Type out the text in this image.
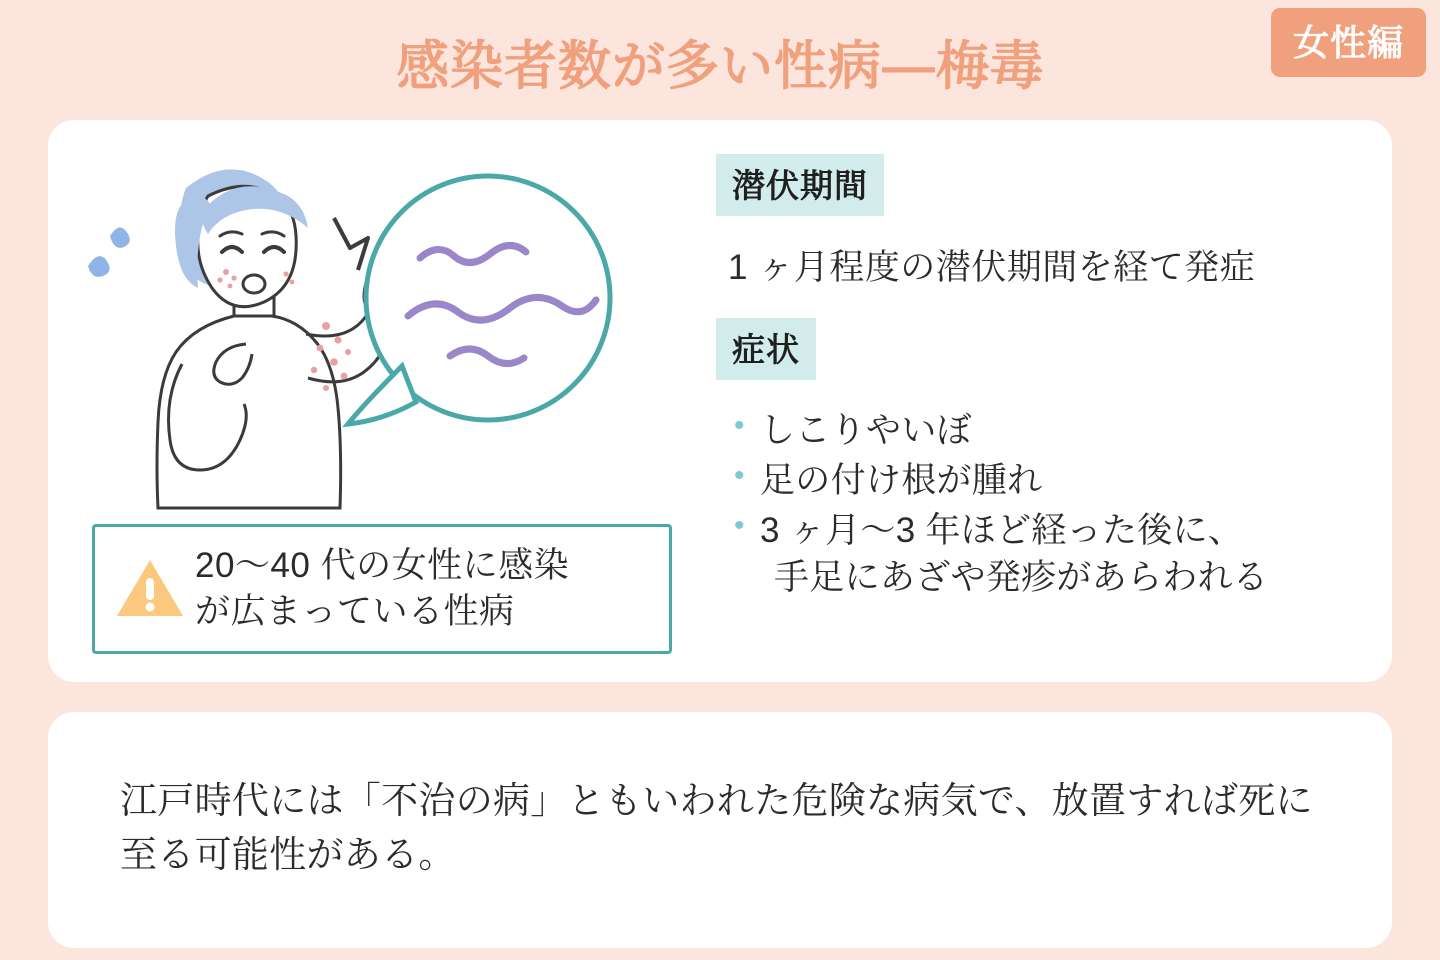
感染者数が多い性病―梅毒	女性編
20〜40 代の女性に感染
が広まっている性病
潜伏期間
1 ヶ月程度の潜伏期間を経て発症
症状
• しこりやいぼ
• 足の付け根が腫れ
• 3 ヶ月〜3 年ほど経った後に、
手足にあざや発疹があらわれる
江戸時代には「不治の病」ともいわれた危険な病気で、放置すれば死に至る可能性がある。
